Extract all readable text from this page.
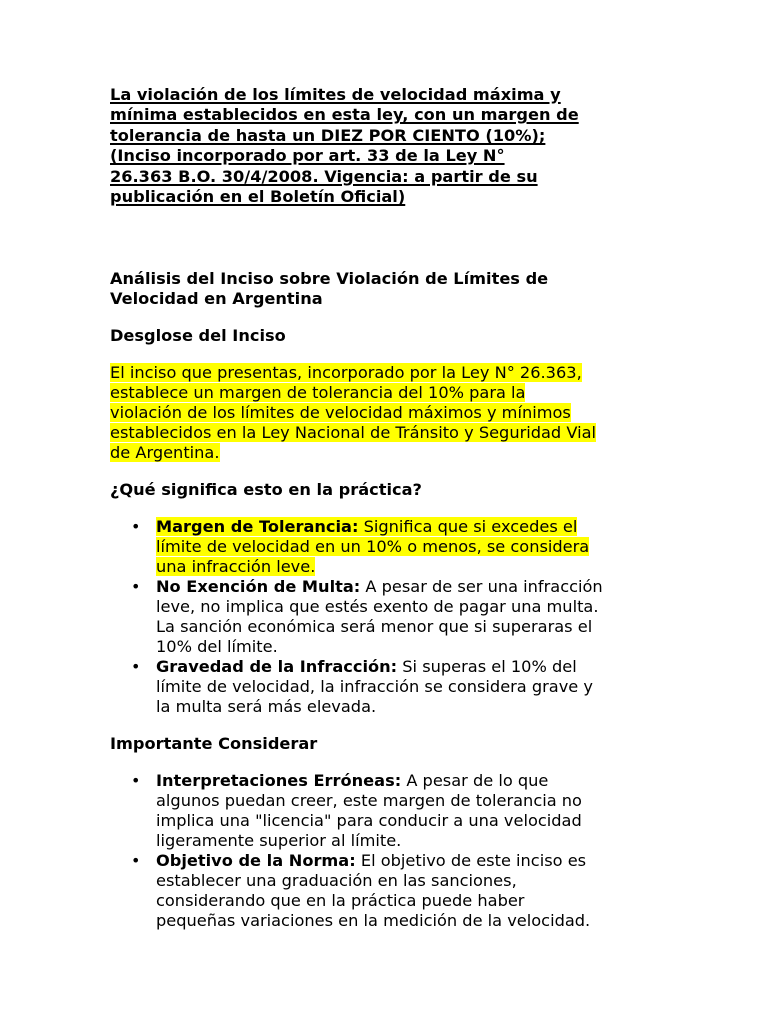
La violación de los límites de velocidad máxima y
mínima establecidos en esta ley, con un margen de
tolerancia de hasta un DIEZ POR CIENTO (10%);
(Inciso incorporado por art. 33 de la Ley N°
26.363 B.O. 30/4/2008. Vigencia: a partir de su
publicación en el Boletín Oficial)
Análisis del Inciso sobre Violación de Límites de
Velocidad en Argentina
Desglose del Inciso
El inciso que presentas, incorporado por la Ley N° 26.363,
establece un margen de tolerancia del 10% para la
violación de los límites de velocidad máximos y mínimos
establecidos en la Ley Nacional de Tránsito y Seguridad Vial
de Argentina.
¿Qué significa esto en la práctica?
• Margen de Tolerancia: Significa que si excedes el
límite de velocidad en un 10% o menos, se considera
una infracción leve.
• No Exención de Multa: A pesar de ser una infracción
leve, no implica que estés exento de pagar una multa.
La sanción económica será menor que si superaras el
10% del límite.
• Gravedad de la Infracción: Si superas el 10% del
límite de velocidad, la infracción se considera grave y
la multa será más elevada.
Importante Considerar
• Interpretaciones Erróneas: A pesar de lo que
algunos puedan creer, este margen de tolerancia no
implica una "licencia" para conducir a una velocidad
ligeramente superior al límite.
• Objetivo de la Norma: El objetivo de este inciso es
establecer una graduación en las sanciones,
considerando que en la práctica puede haber
pequeñas variaciones en la medición de la velocidad.
